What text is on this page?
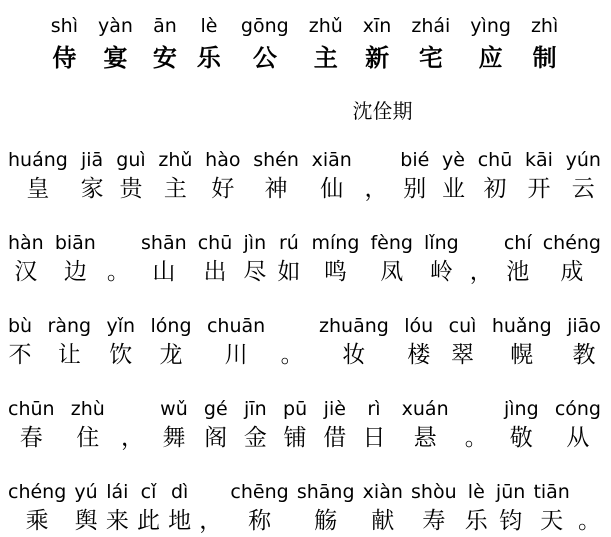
shì
侍
yàn
宴
ān
安
lè
乐
gōng
公
zhǔ
主
xīn
新
zhái
宅
yìng
应
zhì
制
沈佺期
huáng
皇
jiā
家
guì
贵
zhǔ
主
hào
好
shén
神
xiān
仙
，
bié
别
yè
业
chū
初
kāi
开
yún
云
hàn
汉
biān
边
。
shān
山
chū
出
jìn
尽
rú
如
míng
鸣
fèng
凤
lǐng
岭
，
chí
池
chéng
成
bù
不
ràng
让
yǐn
饮
lóng
龙
chuān
川
。
zhuāng
妆
lóu
楼
cuì
翠
huǎng
幌
jiāo
教
chūn
春
zhù
住
，
wǔ
舞
gé
阁
jīn
金
pū
铺
jiè
借
rì
日
xuán
悬
。
jìng
敬
cóng
从
chéng
乘
yú
舆
lái
来
cǐ
此
dì
地
，
chēng
称
shāng
觞
xiàn
献
shòu
寿
lè
乐
jūn
钧
tiān
天
。
